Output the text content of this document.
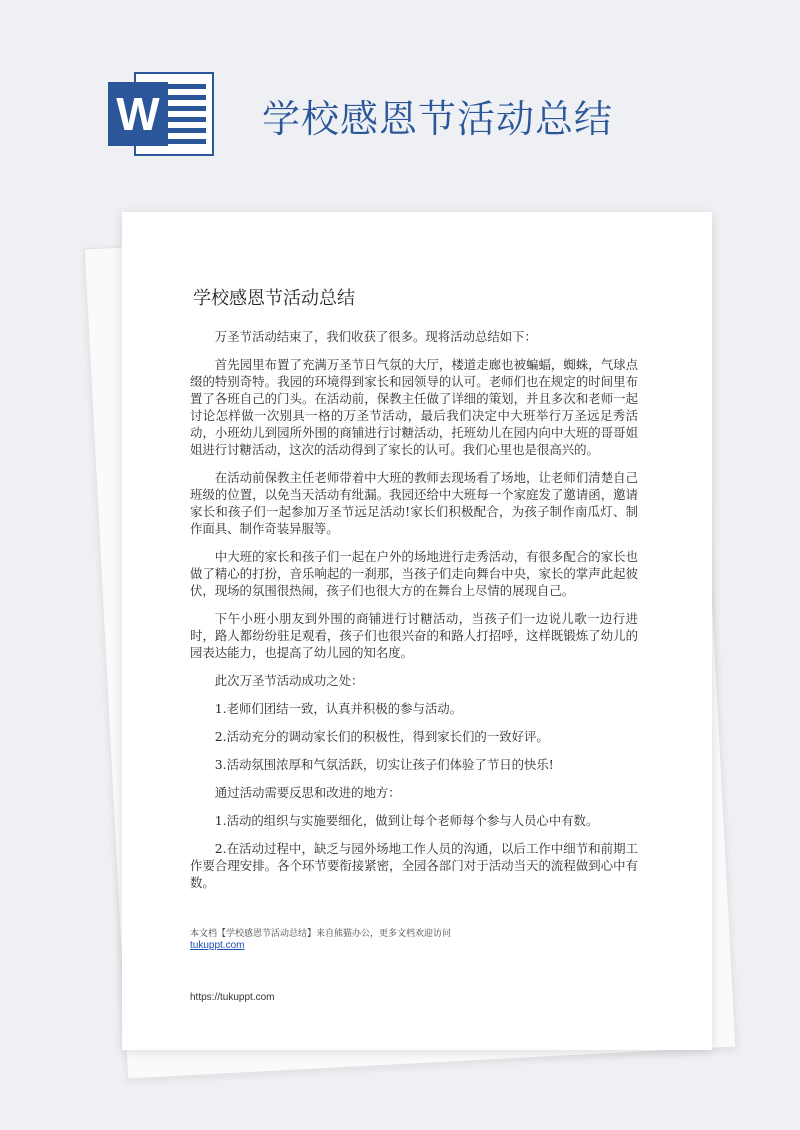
W	学校感恩节活动总结
学校感恩节活动总结

万圣节活动结束了，我们收获了很多。现将活动总结如下：

首先园里布置了充满万圣节日气氛的大厅，楼道走廊也被蝙蝠，蜘蛛，气球点缀的特别奇特。我园的环境得到家长和园领导的认可。老师们也在规定的时间里布置了各班自己的门头。在活动前，保教主任做了详细的策划，并且多次和老师一起讨论怎样做一次别具一格的万圣节活动，最后我们决定中大班举行万圣远足秀活动，小班幼儿到园所外围的商铺进行讨糖活动，托班幼儿在园内向中大班的哥哥姐姐进行讨糖活动，这次的活动得到了家长的认可。我们心里也是很高兴的。

在活动前保教主任老师带着中大班的教师去现场看了场地，让老师们清楚自己班级的位置，以免当天活动有纰漏。我园还给中大班每一个家庭发了邀请函，邀请家长和孩子们一起参加万圣节远足活动!家长们积极配合，为孩子制作南瓜灯、制作面具、制作奇装异服等。

中大班的家长和孩子们一起在户外的场地进行走秀活动，有很多配合的家长也做了精心的打扮，音乐响起的一刹那，当孩子们走向舞台中央，家长的掌声此起彼伏，现场的氛围很热闹，孩子们也很大方的在舞台上尽情的展现自己。

下午小班小朋友到外围的商铺进行讨糖活动，当孩子们一边说儿歌一边行进时，路人都纷纷驻足观看，孩子们也很兴奋的和路人打招呼，这样既锻炼了幼儿的园表达能力，也提高了幼儿园的知名度。

此次万圣节活动成功之处：

1.老师们团结一致，认真并积极的参与活动。

2.活动充分的调动家长们的积极性，得到家长们的一致好评。

3.活动氛围浓厚和气氛活跃，切实让孩子们体验了节日的快乐!

通过活动需要反思和改进的地方：

1.活动的组织与实施要细化，做到让每个老师每个参与人员心中有数。

2.在活动过程中，缺乏与园外场地工作人员的沟通，以后工作中细节和前期工作要合理安排。各个环节要衔接紧密，全园各部门对于活动当天的流程做到心中有数。

本文档【学校感恩节活动总结】来自熊猫办公，更多文档欢迎访问
tukuppt.com
https://tukuppt.com
